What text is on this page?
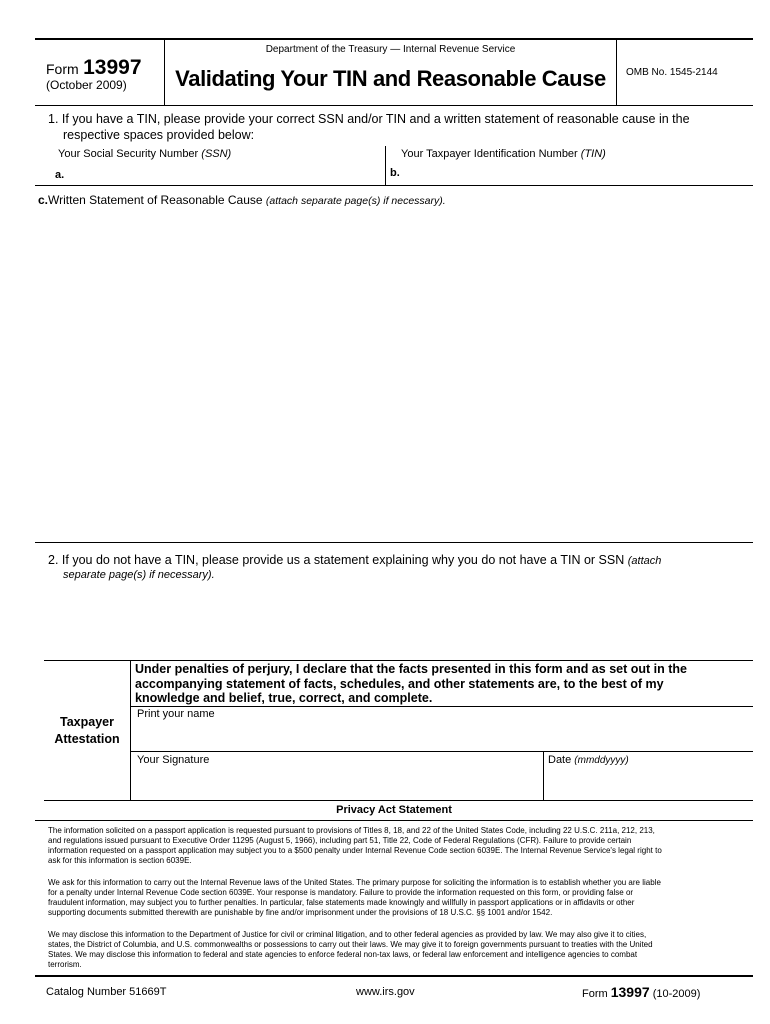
Form 13997
(October 2009)
Department of the Treasury — Internal Revenue Service
Validating Your TIN and Reasonable Cause	OMB No. 1545-2144
1. If you have a TIN, please provide your correct SSN and/or TIN and a written statement of reasonable cause in the
respective spaces provided below:
Your Social Security Number (SSN)
a.
Your Taxpayer Identification Number (TIN)
b.
c.Written Statement of Reasonable Cause (attach separate page(s) if necessary).
2. If you do not have a TIN, please provide us a statement explaining why you do not have a TIN or SSN (attach
separate page(s) if necessary).
Taxpayer
Attestation
Under penalties of perjury, I declare that the facts presented in this form and as set out in the
accompanying statement of facts, schedules, and other statements are, to the best of my
knowledge and belief, true, correct, and complete.
Print your name
Your Signature	Date (mmddyyyy)
Privacy Act Statement
The information solicited on a passport application is requested pursuant to provisions of Titles 8, 18, and 22 of the United States Code, including 22 U.S.C. 211a, 212, 213,
and regulations issued pursuant to Executive Order 11295 (August 5, 1966), including part 51, Title 22, Code of Federal Regulations (CFR). Failure to provide certain
information requested on a passport application may subject you to a $500 penalty under Internal Revenue Code section 6039E. The Internal Revenue Service's legal right to
ask for this information is section 6039E.
We ask for this information to carry out the Internal Revenue laws of the United States. The primary purpose for soliciting the information is to establish whether you are liable
for a penalty under Internal Revenue Code section 6039E. Your response is mandatory. Failure to provide the information requested on this form, or providing false or
fraudulent information, may subject you to further penalties. In particular, false statements made knowingly and willfully in passport applications or in affidavits or other
supporting documents submitted therewith are punishable by fine and/or imprisonment under the provisions of 18 U.S.C. §§ 1001 and/or 1542.
We may disclose this information to the Department of Justice for civil or criminal litigation, and to other federal agencies as provided by law. We may also give it to cities,
states, the District of Columbia, and U.S. commonwealths or possessions to carry out their laws. We may give it to foreign governments pursuant to treaties with the United
States. We may disclose this information to federal and state agencies to enforce federal non-tax laws, or federal law enforcement and intelligence agencies to combat
terrorism.
Catalog Number 51669T	www.irs.gov	Form 13997 (10-2009)
